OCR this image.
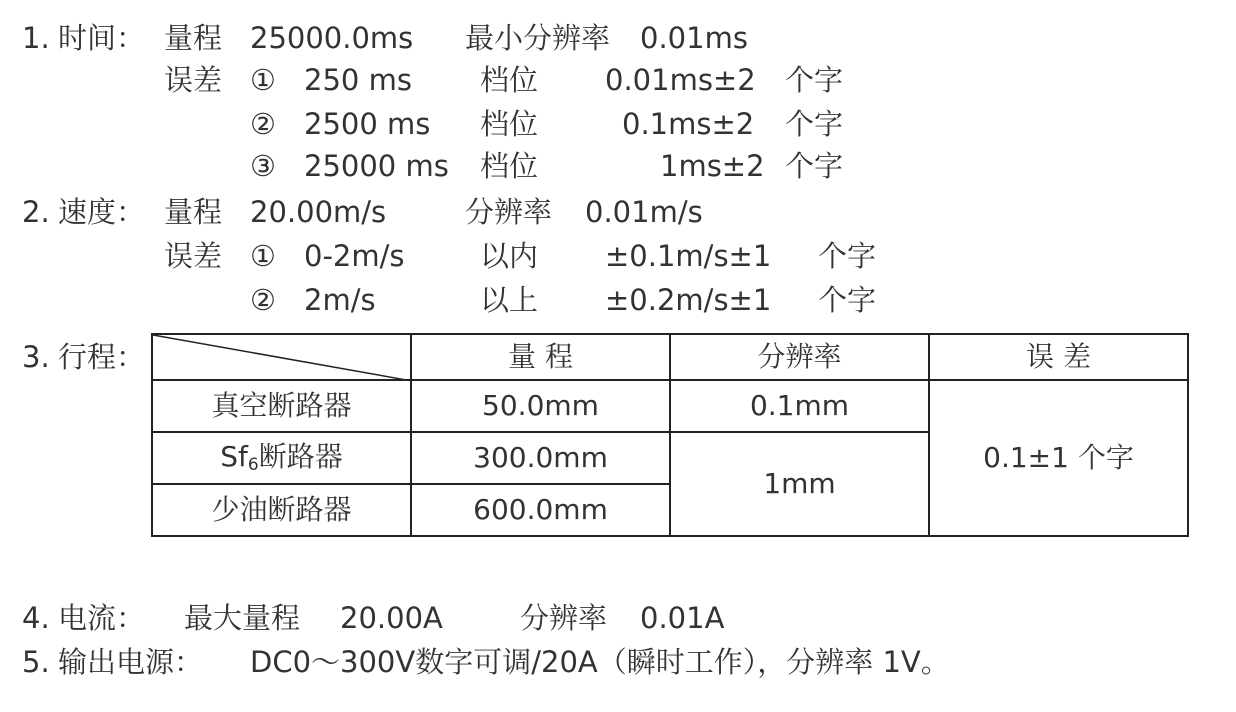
1. 时间： 量程 25000.0ms 最小分辨率 0.01ms
误差 ① 250 ms 档位 0.01ms±2 个字
② 2500 ms 档位	0.1ms±2 个字
③ 25000 ms 档位	1ms±2 个字
2. 速度： 量程 20.00m/s	分辨率 0.01m/s
误差 ① 0-2m/s	以内 ±0.1m/s±1 个字
② 2m/s	以上 ±0.2m/s±1 个字
3. 行程：
		量 程	分辨率	误 差
真空断路器	50.0mm	0.1mm	0.1±1 个字
$Sf_6$断路器	300.0mm	1mm	
少油断路器	600.0mm		
4. 电流： 最大量程 20.00A	分辨率 0.01A
5. 输出电源： DC0～300V数字可调/20A（瞬时工作），分辨率 1V。
